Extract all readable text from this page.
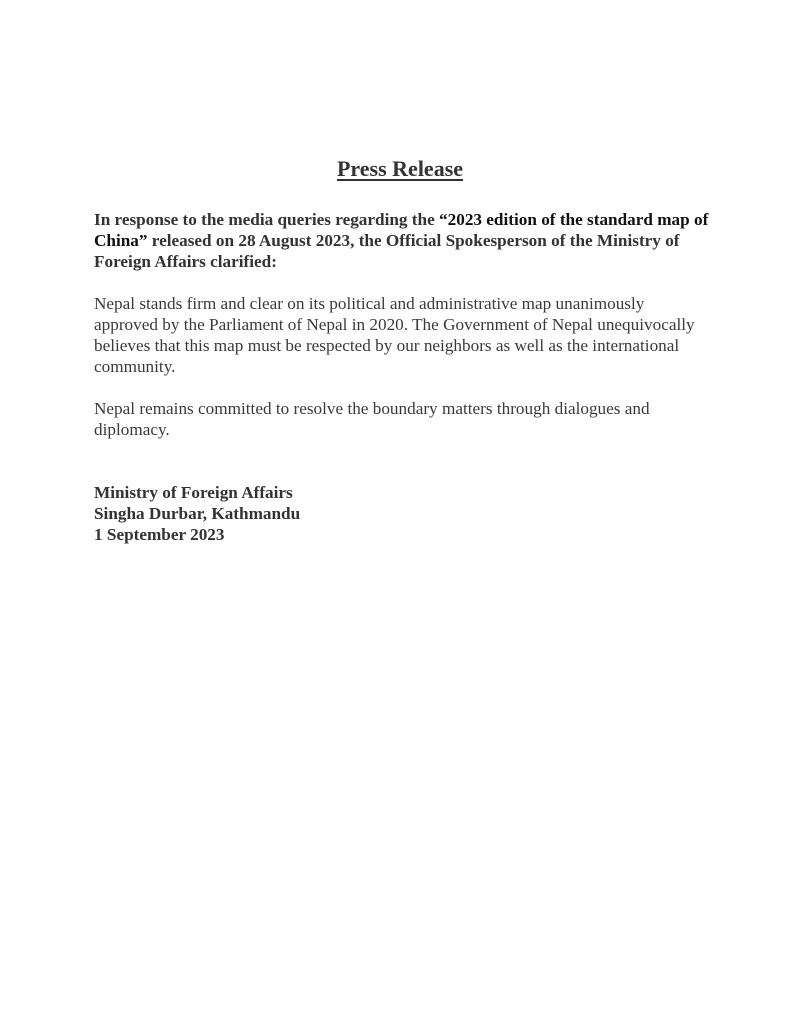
Press Release

In response to the media queries regarding the “2023 edition of the standard map of China” released on 28 August 2023, the Official Spokesperson of the Ministry of Foreign Affairs clarified:

Nepal stands firm and clear on its political and administrative map unanimously approved by the Parliament of Nepal in 2020. The Government of Nepal unequivocally believes that this map must be respected by our neighbors as well as the international community.

Nepal remains committed to resolve the boundary matters through dialogues and diplomacy.

Ministry of Foreign Affairs
Singha Durbar, Kathmandu
1 September 2023
